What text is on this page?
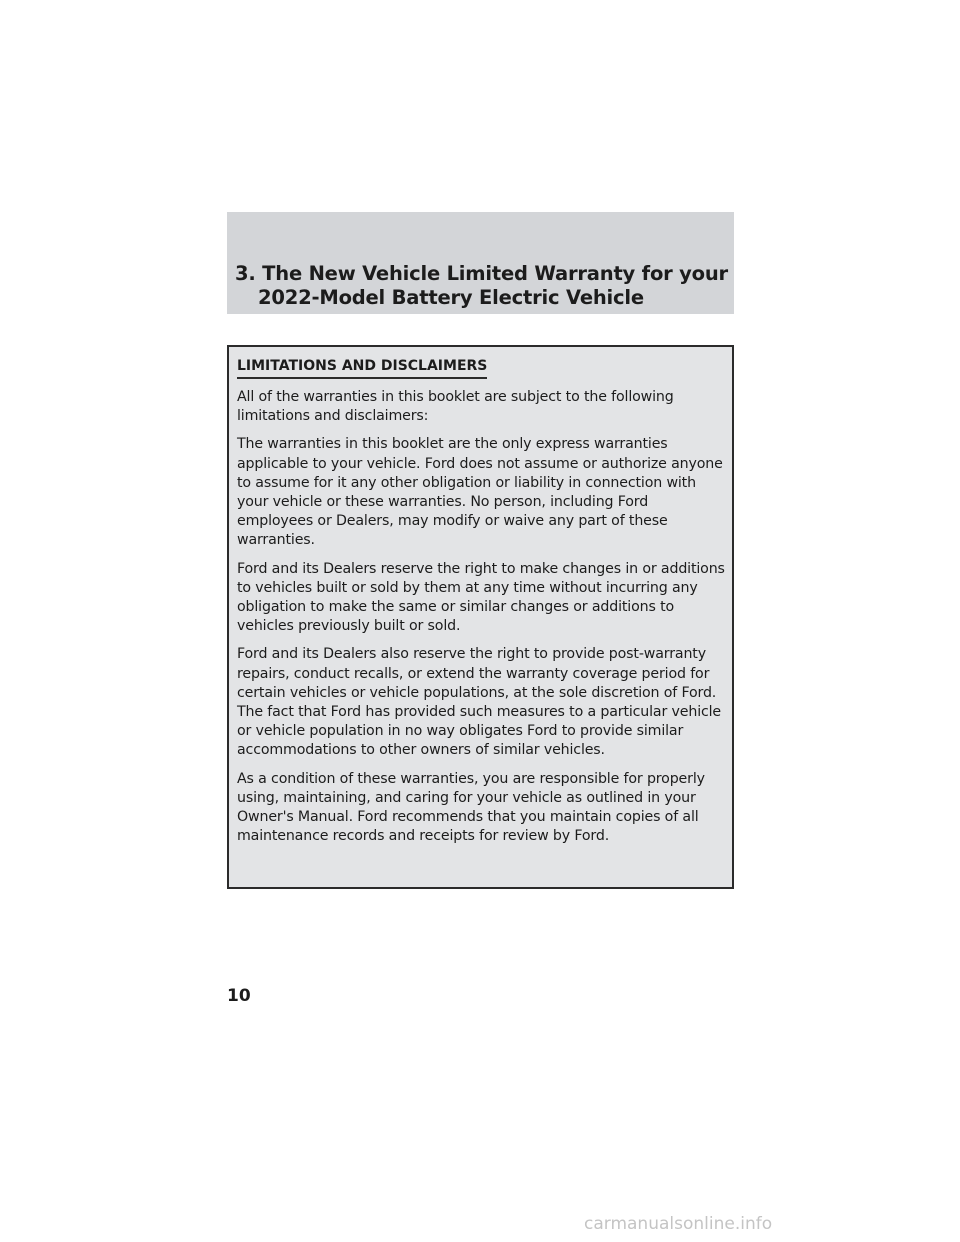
3. The New Vehicle Limited Warranty for your
2022-Model Battery Electric Vehicle
LIMITATIONS AND DISCLAIMERS

All of the warranties in this booklet are subject to the following limitations and disclaimers:

The warranties in this booklet are the only express warranties applicable to your vehicle. Ford does not assume or authorize anyone to assume for it any other obligation or liability in connection with your vehicle or these warranties. No person, including Ford employees or Dealers, may modify or waive any part of these warranties.

Ford and its Dealers reserve the right to make changes in or additions to vehicles built or sold by them at any time without incurring any obligation to make the same or similar changes or additions to vehicles previously built or sold.

Ford and its Dealers also reserve the right to provide post-warranty repairs, conduct recalls, or extend the warranty coverage period for certain vehicles or vehicle populations, at the sole discretion of Ford. The fact that Ford has provided such measures to a particular vehicle or vehicle population in no way obligates Ford to provide similar accommodations to other owners of similar vehicles.

As a condition of these warranties, you are responsible for properly using, maintaining, and caring for your vehicle as outlined in your Owner's Manual. Ford recommends that you maintain copies of all maintenance records and receipts for review by Ford.

10

carmanualsonline.info
